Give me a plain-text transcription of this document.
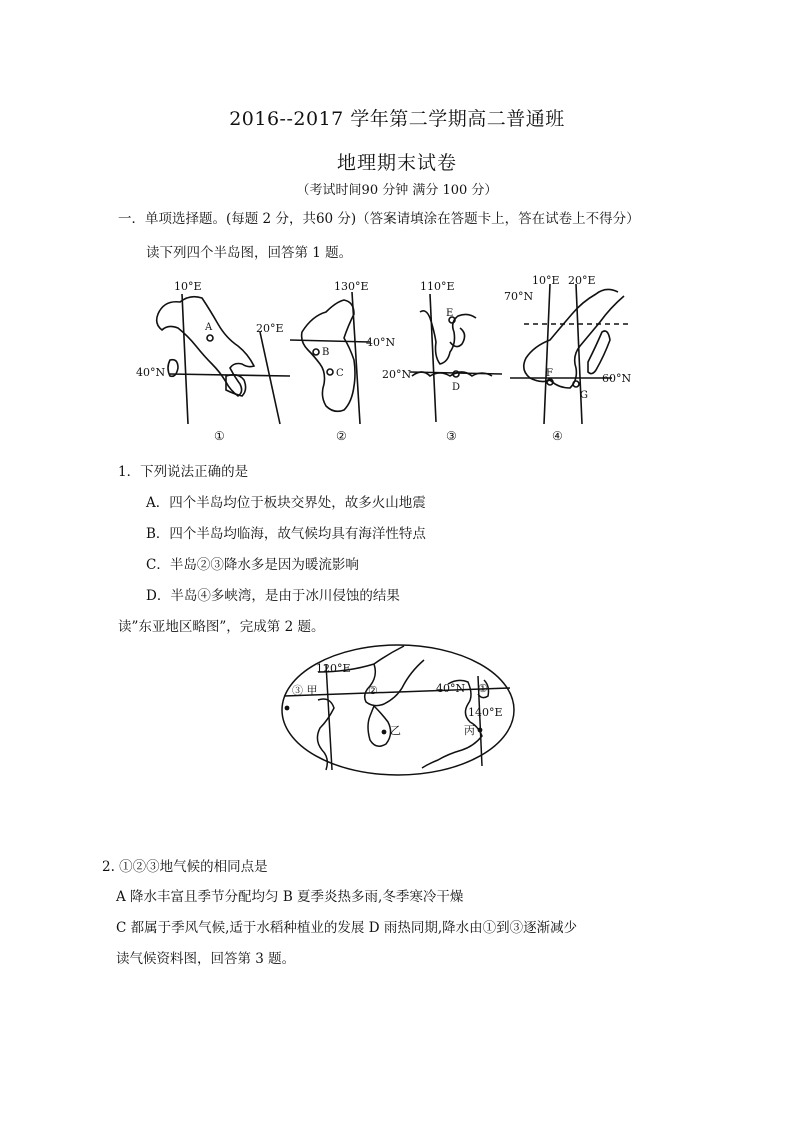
2016--2017 学年第二学期高二普通班
地理期末试卷
（考试时间90 分钟 满分 100 分）
一．单项选择题。(每题 2 分，共60 分)（答案请填涂在答题卡上，答在试卷上不得分）
读下列四个半岛图，回答第 1 题。
10°E
40°N
A
130°E
20°E
40°N
B
C
110°E
20°N
E
D
10°E 20°E
70°N
60°N
F
G
①	②	③	④
1．下列说法正确的是
A．四个半岛均位于板块交界处，故多火山地震
B．四个半岛均临海，故气候均具有海洋性特点
C．半岛②③降水多是因为暖流影响
D．半岛④多峡湾，是由于冰川侵蚀的结果
读”东亚地区略图”，完成第 2 题。
120°E
③ 甲	②	40°N ①
140°E
乙	丙
2. ①②③地气候的相同点是
A 降水丰富且季节分配均匀 B 夏季炎热多雨,冬季寒冷干燥
C 都属于季风气候,适于水稻种植业的发展 D 雨热同期,降水由①到③逐渐减少
读气候资料图，回答第 3 题。
